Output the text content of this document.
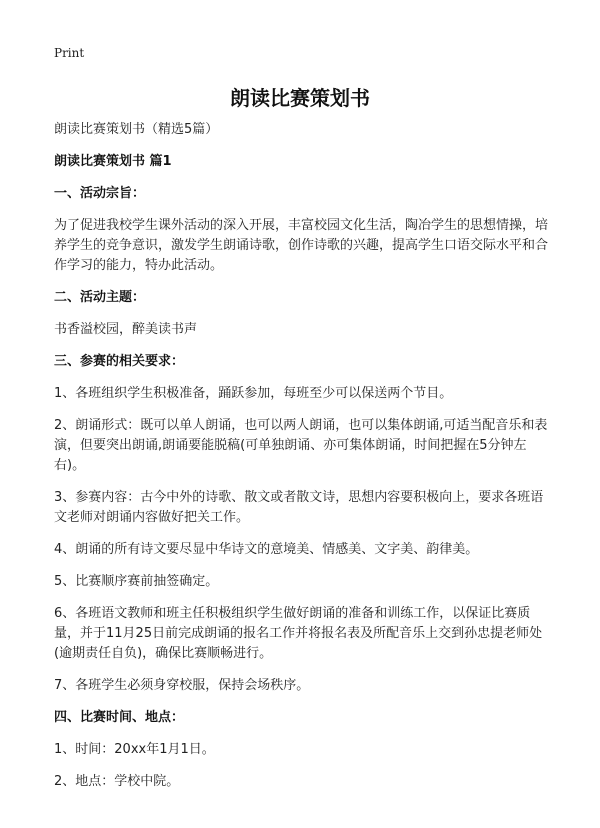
Print
朗读比赛策划书

朗读比赛策划书（精选5篇）

朗读比赛策划书 篇1

一、活动宗旨：

为了促进我校学生课外活动的深入开展，丰富校园文化生活，陶冶学生的思想情操，培养学生的竞争意识，激发学生朗诵诗歌，创作诗歌的兴趣，提高学生口语交际水平和合作学习的能力，特办此活动。

二、活动主题：

书香溢校园，醉美读书声

三、参赛的相关要求：

1、各班组织学生积极准备，踊跃参加，每班至少可以保送两个节目。

2、朗诵形式：既可以单人朗诵，也可以两人朗诵，也可以集体朗诵,可适当配音乐和表演，但要突出朗诵,朗诵要能脱稿(可单独朗诵、亦可集体朗诵，时间把握在5分钟左右)。

3、参赛内容：古今中外的诗歌、散文或者散文诗，思想内容要积极向上，要求各班语文老师对朗诵内容做好把关工作。

4、朗诵的所有诗文要尽显中华诗文的意境美、情感美、文字美、韵律美。

5、比赛顺序赛前抽签确定。

6、各班语文教师和班主任积极组织学生做好朗诵的准备和训练工作，以保证比赛质量，并于11月25日前完成朗诵的报名工作并将报名表及所配音乐上交到孙忠提老师处(逾期责任自负)，确保比赛顺畅进行。

7、各班学生必须身穿校服，保持会场秩序。

四、比赛时间、地点：

1、时间：20xx年1月1日。

2、地点：学校中院。
